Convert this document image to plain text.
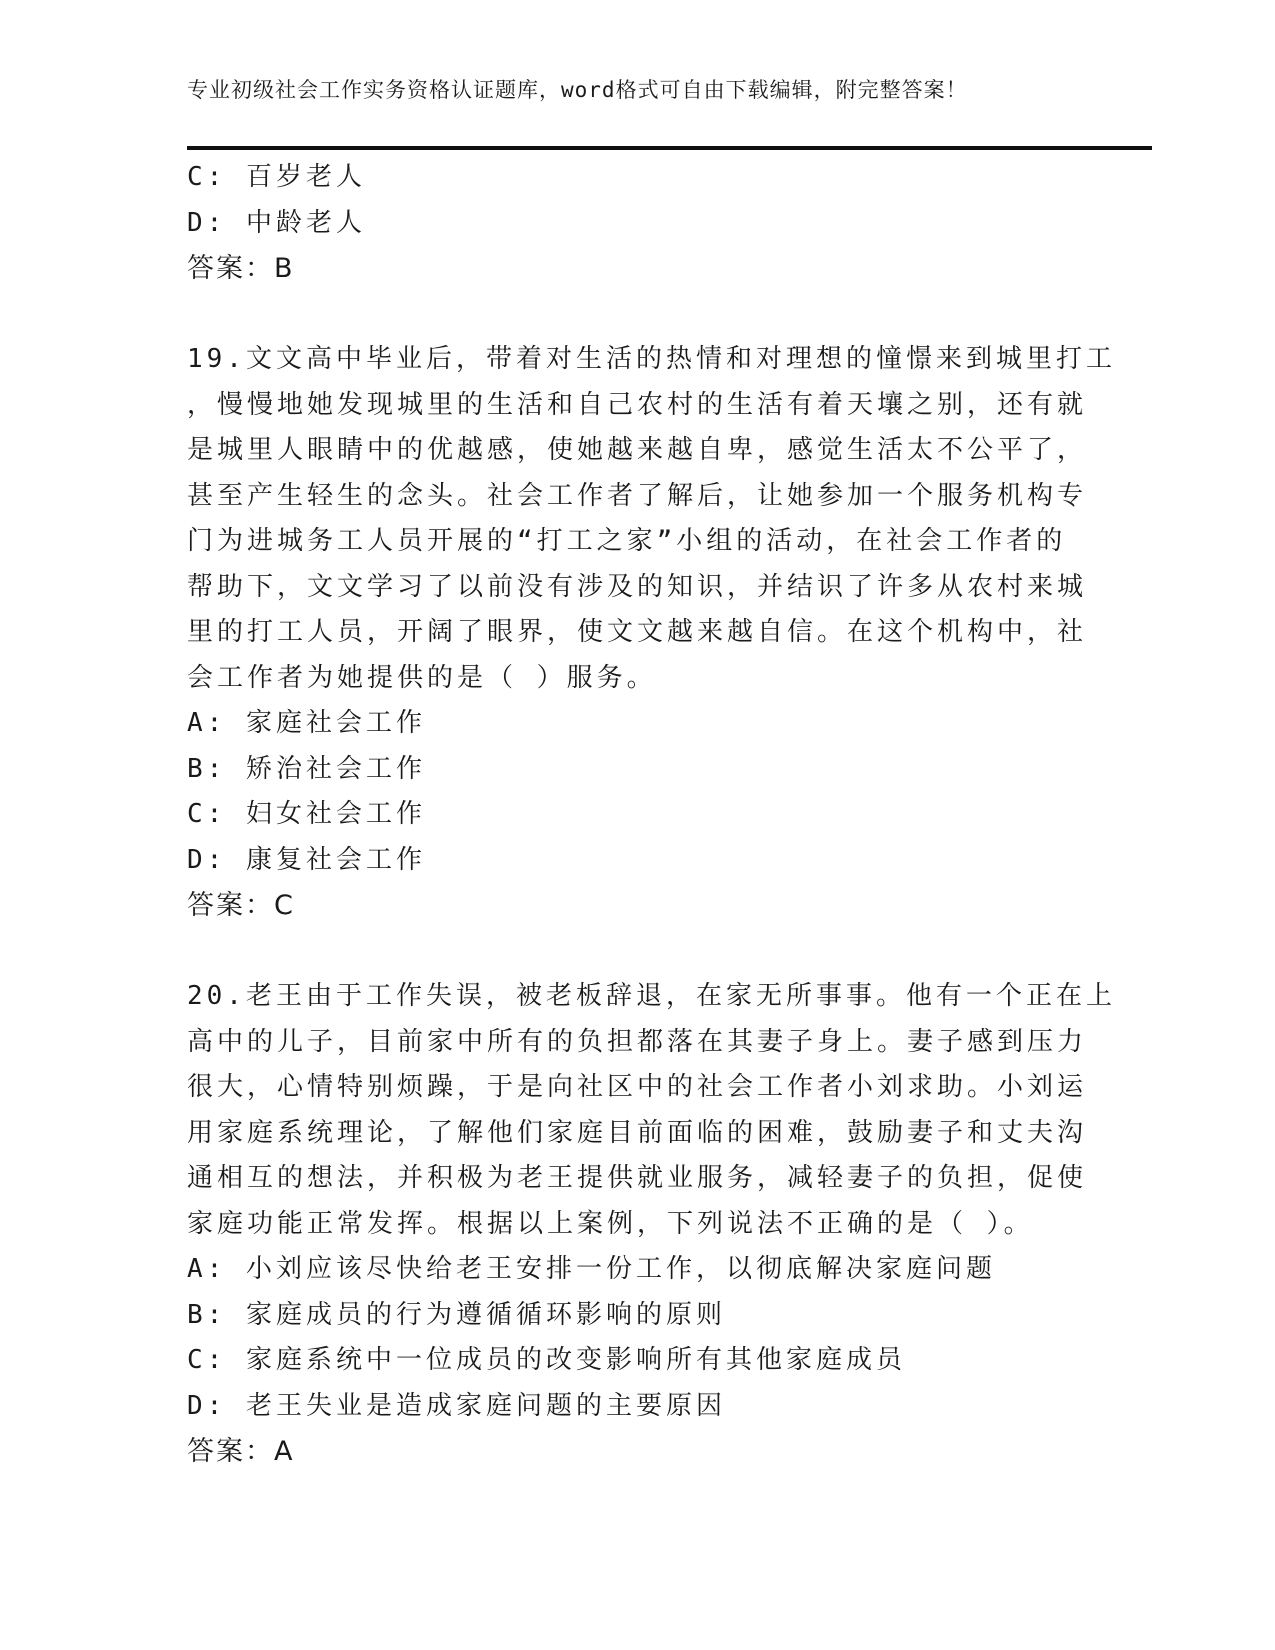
专业初级社会工作实务资格认证题库，word格式可自由下载编辑，附完整答案！
C: 百岁老人
D: 中龄老人
答案：B
19.文文高中毕业后，带着对生活的热情和对理想的憧憬来到城里打工
，慢慢地她发现城里的生活和自己农村的生活有着天壤之别，还有就
是城里人眼睛中的优越感，使她越来越自卑，感觉生活太不公平了，
甚至产生轻生的念头。社会工作者了解后，让她参加一个服务机构专
门为进城务工人员开展的“打工之家”小组的活动，在社会工作者的
帮助下，文文学习了以前没有涉及的知识，并结识了许多从农村来城
里的打工人员，开阔了眼界，使文文越来越自信。在这个机构中，社
会工作者为她提供的是（ ）服务。
A: 家庭社会工作
B: 矫治社会工作
C: 妇女社会工作
D: 康复社会工作
答案：C
20.老王由于工作失误，被老板辞退，在家无所事事。他有一个正在上
高中的儿子，目前家中所有的负担都落在其妻子身上。妻子感到压力
很大，心情特别烦躁，于是向社区中的社会工作者小刘求助。小刘运
用家庭系统理论，了解他们家庭目前面临的困难，鼓励妻子和丈夫沟
通相互的想法，并积极为老王提供就业服务，减轻妻子的负担，促使
家庭功能正常发挥。根据以上案例，下列说法不正确的是（ ）。
A: 小刘应该尽快给老王安排一份工作，以彻底解决家庭问题
B: 家庭成员的行为遵循循环影响的原则
C: 家庭系统中一位成员的改变影响所有其他家庭成员
D: 老王失业是造成家庭问题的主要原因
答案：A
